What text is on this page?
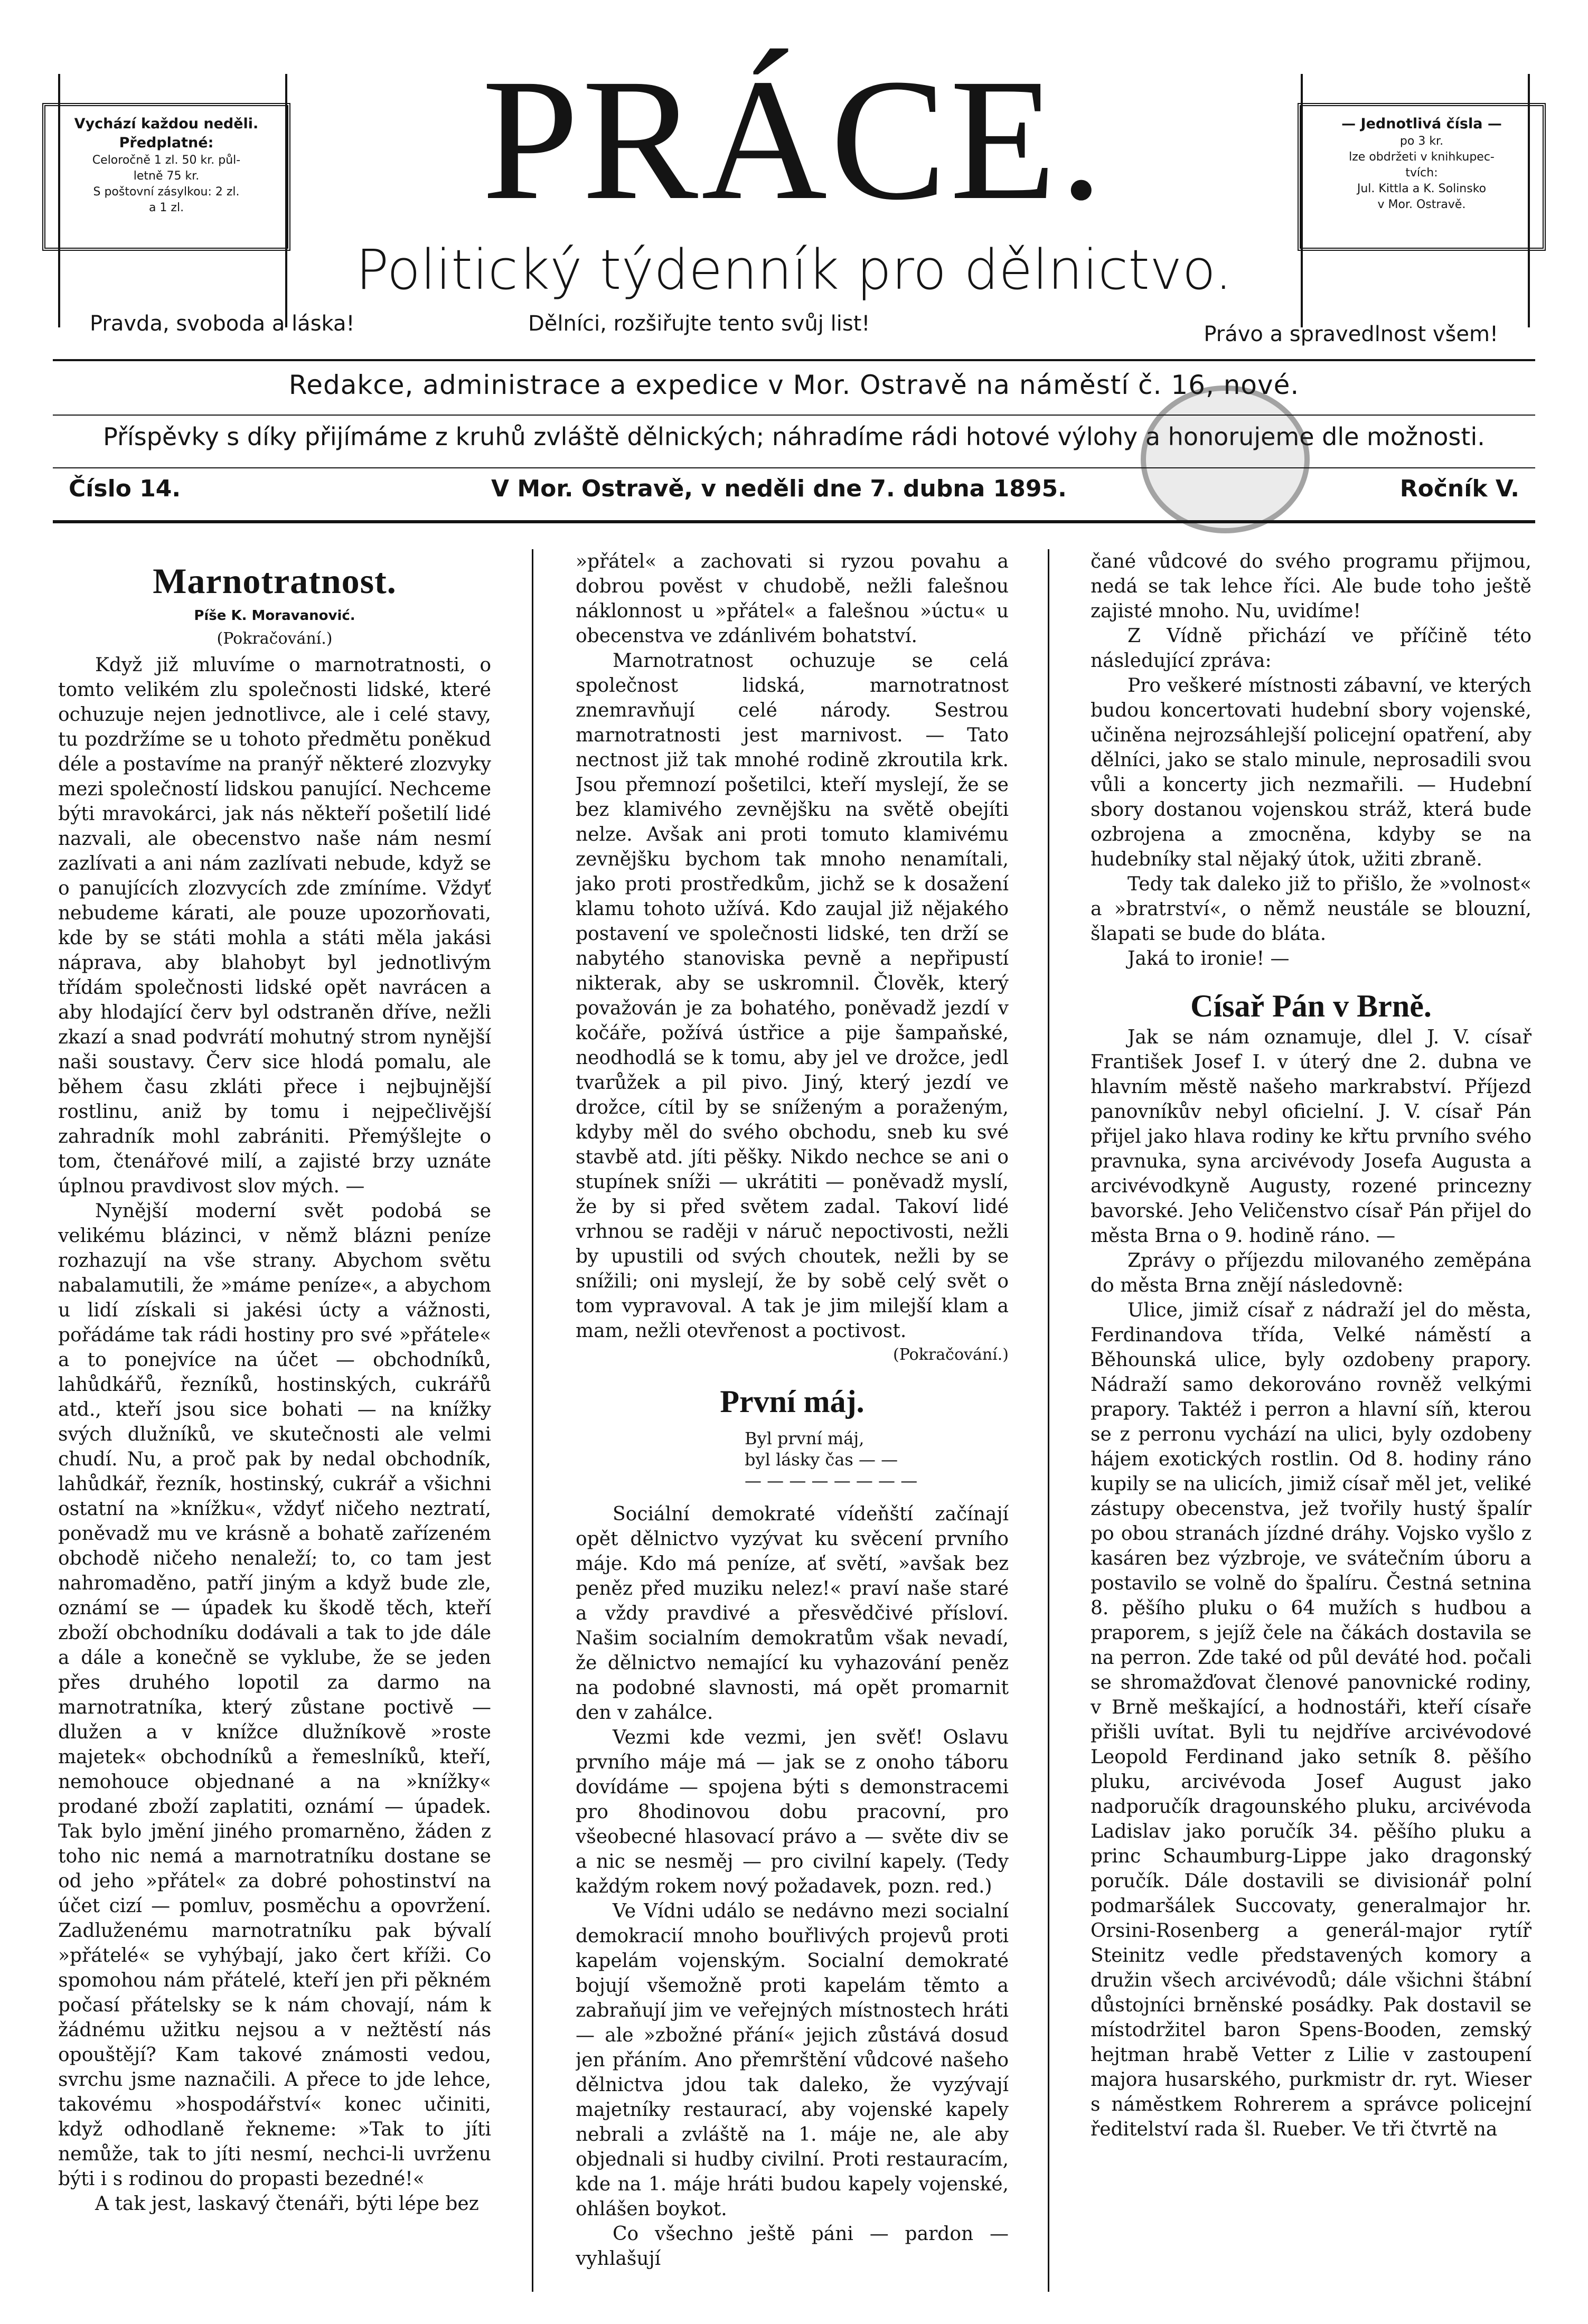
Vychází každou neděli.
Předplatné:
Celoročně 1 zl. 50 kr. půl-
letně 75 kr.
S poštovní zásylkou: 2 zl.
a 1 zl.	PRÁCE.
Politický týdenník pro dělnictvo.
— Jednotlivá čísla —
po 3 kr.
lze obdržeti v knihkupec-
tvích:
Jul. Kittla a K. Solinsko
v Mor. Ostravě.
Pravda, svoboda a láska!	Dělníci, rozšiřujte tento svůj list!	Právo a spravedlnost všem!
Redakce, administrace a expedice v Mor. Ostravě na náměstí č. 16, nové.
Příspěvky s díky přijímáme z kruhů zvláště dělnických; náhradíme rádi hotové výlohy a honorujeme dle možnosti.
Číslo 14.	V Mor. Ostravě, v neděli dne 7. dubna 1895.	Ročník V.
Marnotratnost.
Píše K. Moravanović.
(Pokračování.)

Když již mluvíme o marnotratnosti, o tomto velikém zlu společnosti lidské, které ochuzuje nejen jednotlivce, ale i celé stavy, tu pozdržíme se u tohoto předmětu poněkud déle a postavíme na pranýř některé zlozvyky mezi společností lidskou panující. Nechceme býti mravokárci, jak nás někteří pošetilí lidé nazvali, ale obecenstvo naše nám nesmí zazlívati a ani nám zazlívati nebude, když se o panujících zlozvycích zde zmíníme. Vždyť nebudeme kárati, ale pouze upozorňovati, kde by se státi mohla a státi měla jakási náprava, aby blahobyt byl jednotlivým třídám společnosti lidské opět navrácen a aby hlodající červ byl odstraněn dříve, nežli zkazí a snad podvrátí mohutný strom nynější naši soustavy. Červ sice hlodá pomalu, ale během času zkláti přece i nejbujnější rostlinu, aniž by tomu i nejpečlivější zahradník mohl zabrániti. Přemýšlejte o tom, čtenářové milí, a zajisté brzy uznáte úplnou pravdivost slov mých. —

Nynější moderní svět podobá se velikému blázinci, v němž blázni peníze rozhazují na vše strany. Abychom světu nabalamutili, že »máme peníze«, a abychom u lidí získali si jakési úcty a vážnosti, pořádáme tak rádi hostiny pro své »přátele« a to ponejvíce na účet — obchodníků, lahůdkářů, řezníků, hostinských, cukrářů atd., kteří jsou sice bohati — na knížky svých dlužníků, ve skutečnosti ale velmi chudí. Nu, a proč pak by nedal obchodník, lahůdkář, řezník, hostinský, cukrář a všichni ostatní na »knížku«, vždyť ničeho neztratí, poněvadž mu ve krásně a bohatě zařízeném obchodě ničeho nenaleží; to, co tam jest nahromaděno, patří jiným a když bude zle, oznámí se — úpadek ku škodě těch, kteří zboží obchodníku dodávali a tak to jde dále a dále a konečně se vyklube, že se jeden přes druhého lopotil za darmo na marnotratníka, který zůstane poctivě — dlužen a v knížce dlužníkově »roste majetek« obchodníků a řemeslníků, kteří, nemohouce objednané a na »knížky« prodané zboží zaplatiti, oznámí — úpadek. Tak bylo jmění jiného promarněno, žáden z toho nic nemá a marnotratníku dostane se od jeho »přátel« za dobré pohostinství na účet cizí — pomluv, posměchu a opovržení. Zadluženému marnotratníku pak bývalí »přátelé« se vyhýbají, jako čert kříži. Co spomohou nám přátelé, kteří jen při pěkném počasí přátelsky se k nám chovají, nám k žádnému užitku nejsou a v nežtěstí nás opouštějí? Kam takové známosti vedou, svrchu jsme naznačili. A přece to jde lehce, takovému »hospodářství« konec učiniti, když odhodlaně řekneme: »Tak to jíti nemůže, tak to jíti nesmí, nechci-li uvrženu býti i s rodinou do propasti bezedné!«

A tak jest, laskavý čtenáři, býti lépe bez

»přátel« a zachovati si ryzou povahu a dobrou pověst v chudobě, nežli falešnou náklonnost u »přátel« a falešnou »úctu« u obecenstva ve zdánlivém bohatství.

Marnotratnost ochuzuje se celá společnost lidská, marnotratnost znemravňují celé národy. Sestrou marnotratnosti jest marnivost. — Tato nectnost již tak mnohé rodině zkroutila krk. Jsou přemnozí pošetilci, kteří myslejí, že se bez klamivého zevnějšku na světě obejíti nelze. Avšak ani proti tomuto klamivému zevnějšku bychom tak mnoho nenamítali, jako proti prostředkům, jichž se k dosažení klamu tohoto užívá. Kdo zaujal již nějakého postavení ve společnosti lidské, ten drží se nabytého stanoviska pevně a nepřipustí nikterak, aby se uskromnil. Člověk, který považován je za bohatého, poněvadž jezdí v kočáře, požívá ústřice a pije šampaňské, neodhodlá se k tomu, aby jel ve drožce, jedl tvarůžek a pil pivo. Jiný, který jezdí ve drožce, cítil by se sníženým a poraženým, kdyby měl do svého obchodu, sneb ku své stavbě atd. jíti pěšky. Nikdo nechce se ani o stupínek sníži — ukrátiti — poněvadž myslí, že by si před světem zadal. Takoví lidé vrhnou se raději v náruč nepoctivosti, nežli by upustili od svých choutek, nežli by se snížili; oni myslejí, že by sobě celý svět o tom vypravoval. A tak je jim milejší klam a mam, nežli otevřenost a poctivost.

(Pokračování.)
První máj.
Byl první máj,
byl lásky čas — —
— — — — — — — —

Sociální demokraté vídeňští začínají opět dělnictvo vyzývat ku svěcení prvního máje. Kdo má peníze, ať světí, »avšak bez peněz před muziku nelez!« praví naše staré a vždy pravdivé a přesvědčivé přísloví. Našim socialním demokratům však nevadí, že dělnictvo nemající ku vyhazování peněz na podobné slavnosti, má opět promarnit den v zahálce.

Vezmi kde vezmi, jen svěť! Oslavu prvního máje má — jak se z onoho táboru dovídáme — spojena býti s demonstracemi pro 8hodinovou dobu pracovní, pro všeobecné hlasovací právo a — světe div se a nic se nesměj — pro civilní kapely. (Tedy každým rokem nový požadavek, pozn. red.)

Ve Vídni událo se nedávno mezi socialní demokracií mnoho bouřlivých projevů proti kapelám vojenským. Socialní demokraté bojují všemožně proti kapelám těmto a zabraňují jim ve veřejných místnostech hráti — ale »zbožné přání« jejich zůstává dosud jen přáním. Ano přemrštění vůdcové našeho dělnictva jdou tak daleko, že vyzývají majetníky restaurací, aby vojenské kapely nebrali a zvláště na 1. máje ne, ale aby objednali si hudby civilní. Proti restauracím, kde na 1. máje hráti budou kapely vojenské, ohlášen boykot.

Co všechno ještě páni — pardon — vyhlašují

čané vůdcové do svého programu přijmou, nedá se tak lehce říci. Ale bude toho ještě zajisté mnoho. Nu, uvidíme!

Z Vídně přichází ve příčině této následující zpráva:

Pro veškeré místnosti zábavní, ve kterých budou koncertovati hudební sbory vojenské, učiněna nejrozsáhlejší policejní opatření, aby dělníci, jako se stalo minule, neprosadili svou vůli a koncerty jich nezmařili. — Hudební sbory dostanou vojenskou stráž, která bude ozbrojena a zmocněna, kdyby se na hudebníky stal nějaký útok, užiti zbraně.

Tedy tak daleko již to přišlo, že »volnost« a »bratrství«, o němž neustále se blouzní, šlapati se bude do bláta.

Jaká to ironie! —

Císař Pán v Brně.

Jak se nám oznamuje, dlel J. V. císař František Josef I. v úterý dne 2. dubna ve hlavním městě našeho markrabství. Příjezd panovníkův nebyl oficielní. J. V. císař Pán přijel jako hlava rodiny ke křtu prvního svého pravnuka, syna arcivévody Josefa Augusta a arcivévodkyně Augusty, rozené princezny bavorské. Jeho Veličenstvo císař Pán přijel do města Brna o 9. hodině ráno. —

Zprávy o příjezdu milovaného zeměpána do města Brna znějí následovně:

Ulice, jimiž císař z nádraží jel do města, Ferdinandova třída, Velké náměstí a Běhounská ulice, byly ozdobeny prapory. Nádraží samo dekorováno rovněž velkými prapory. Taktéž i perron a hlavní síň, kterou se z perronu vychází na ulici, byly ozdobeny hájem exotických rostlin. Od 8. hodiny ráno kupily se na ulicích, jimiž císař měl jet, veliké zástupy obecenstva, jež tvořily hustý špalír po obou stranách jízdné dráhy. Vojsko vyšlo z kasáren bez výzbroje, ve svátečním úboru a postavilo se volně do špalíru. Čestná setnina 8. pěšího pluku o 64 mužích s hudbou a praporem, s jejíž čele na čákách dostavila se na perron. Zde také od půl deváté hod. počali se shromažďovat členové panovnické rodiny, v Brně meškající, a hodnostáři, kteří císaře přišli uvítat. Byli tu nejdříve arcivévodové Leopold Ferdinand jako setník 8. pěšího pluku, arcivévoda Josef August jako nadporučík dragounského pluku, arcivévoda Ladislav jako poručík 34. pěšího pluku a princ Schaumburg-Lippe jako dragonský poručík. Dále dostavili se divisionář polní podmaršálek Succovaty, generalmajor hr. Orsini-Rosenberg a generál-major rytíř Steinitz vedle představených komory a družin všech arcivévodů; dále všichni štábní důstojníci brněnské posádky. Pak dostavil se místodržitel baron Spens-Booden, zemský hejtman hrabě Vetter z Lilie v zastoupení majora husarského, purkmistr dr. ryt. Wieser s náměstkem Rohrerem a správce policejní ředitelství rada šl. Rueber. Ve tři čtvrtě na
